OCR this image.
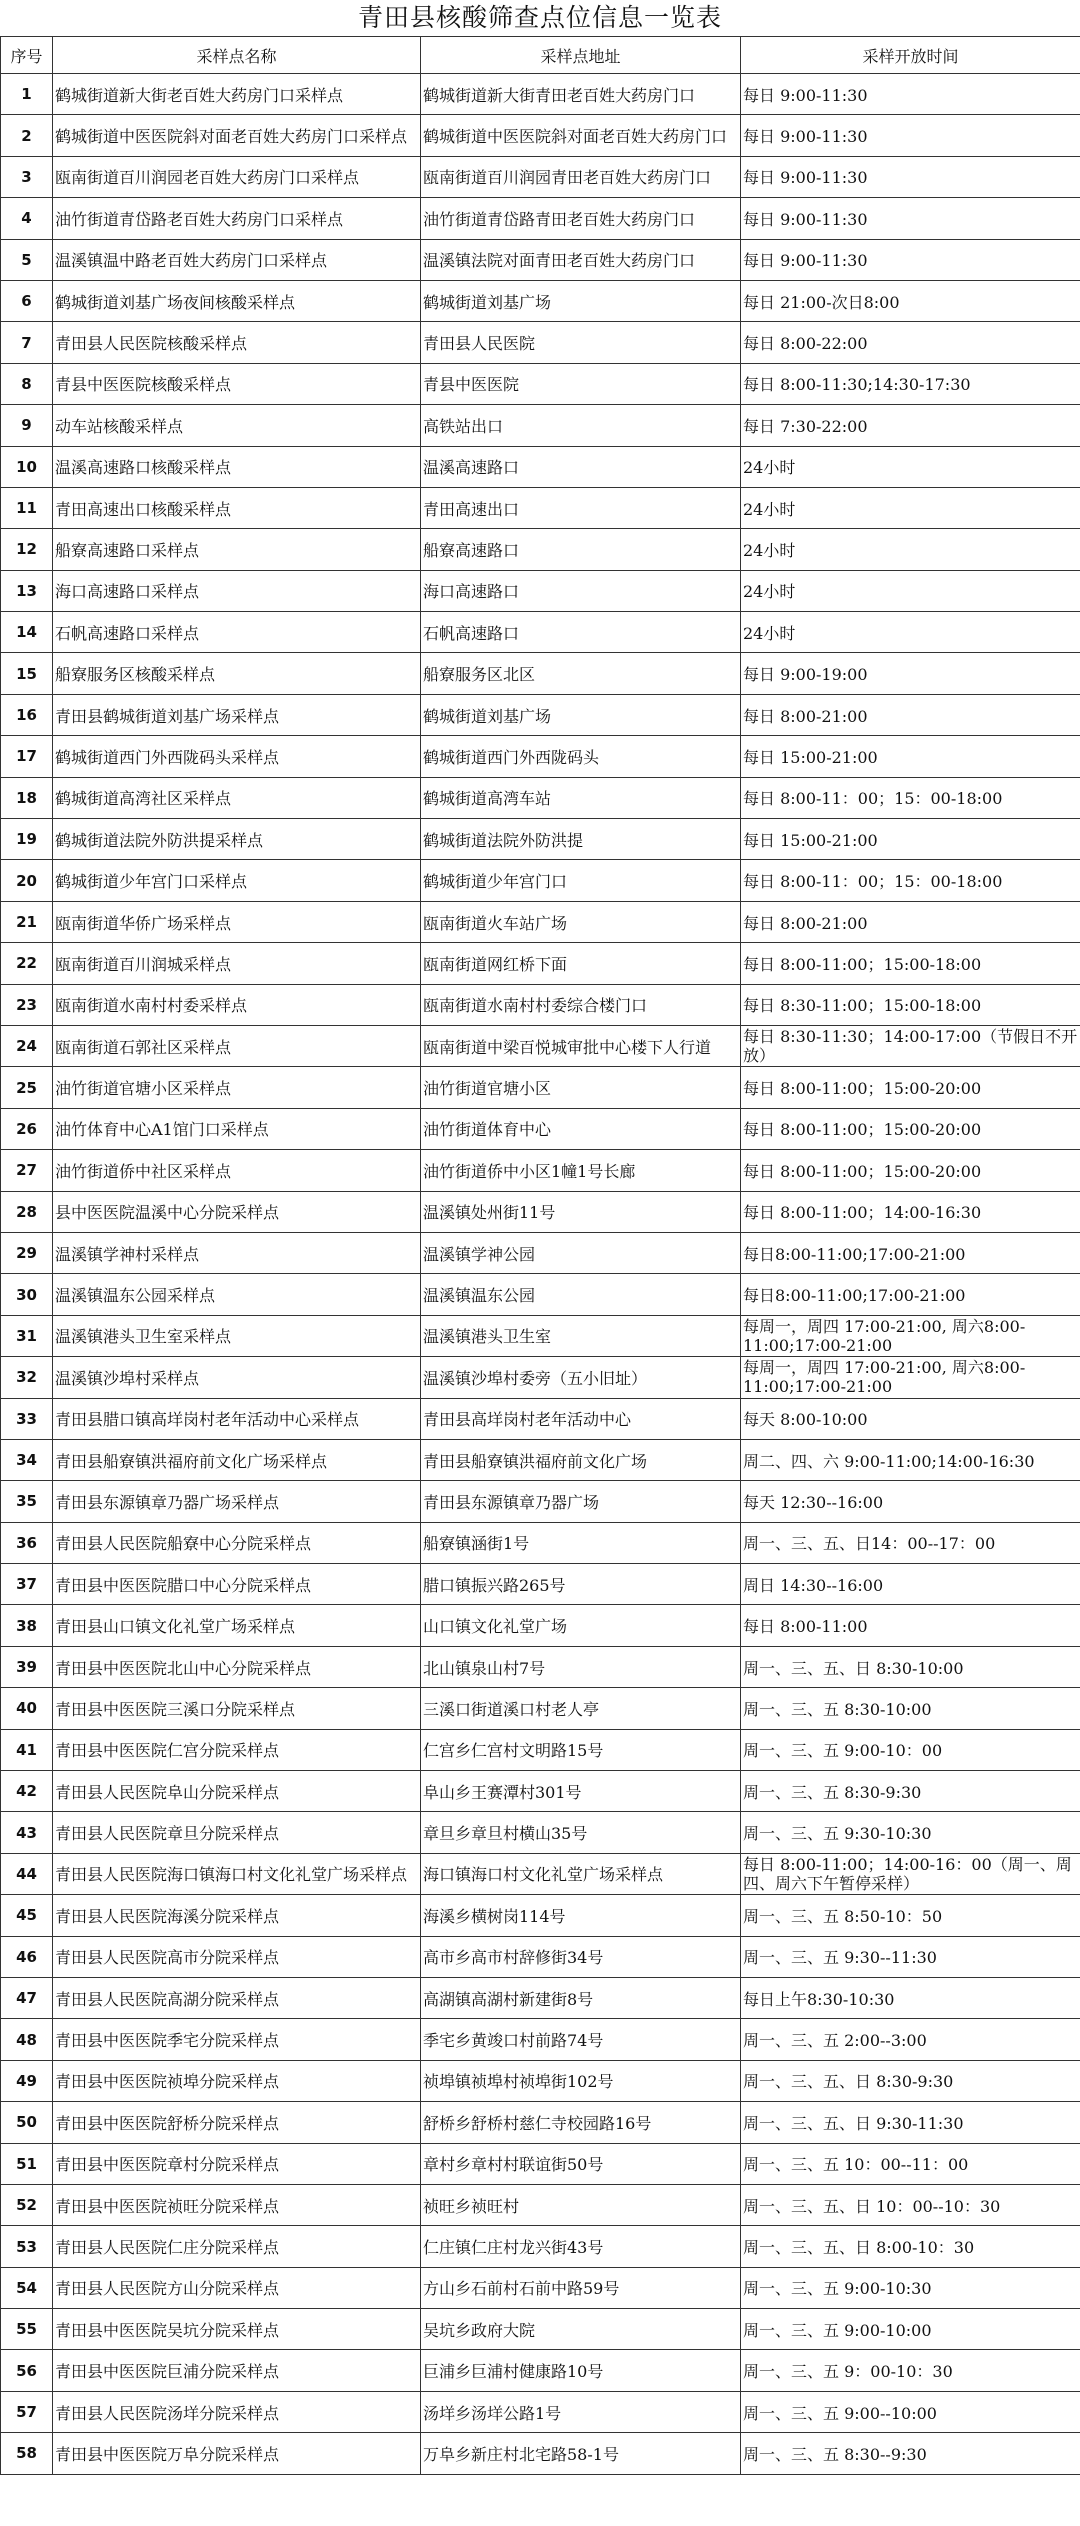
青田县核酸筛查点位信息一览表
序号	采样点名称	采样点地址	采样开放时间
1	鹤城街道新大街老百姓大药房门口采样点	鹤城街道新大街青田老百姓大药房门口	每日 9:00-11:30
2	鹤城街道中医医院斜对面老百姓大药房门口采样点	鹤城街道中医医院斜对面老百姓大药房门口	每日 9:00-11:30
3	瓯南街道百川润园老百姓大药房门口采样点	瓯南街道百川润园青田老百姓大药房门口	每日 9:00-11:30
4	油竹街道青岱路老百姓大药房门口采样点	油竹街道青岱路青田老百姓大药房门口	每日 9:00-11:30
5	温溪镇温中路老百姓大药房门口采样点	温溪镇法院对面青田老百姓大药房门口	每日 9:00-11:30
6	鹤城街道刘基广场夜间核酸采样点	鹤城街道刘基广场	每日 21:00-次日8:00
7	青田县人民医院核酸采样点	青田县人民医院	每日 8:00-22:00
8	青县中医医院核酸采样点	青县中医医院	每日 8:00-11:30;14:30-17:30
9	动车站核酸采样点	高铁站出口	每日 7:30-22:00
10	温溪高速路口核酸采样点	温溪高速路口	24小时
11	青田高速出口核酸采样点	青田高速出口	24小时
12	船寮高速路口采样点	船寮高速路口	24小时
13	海口高速路口采样点	海口高速路口	24小时
14	石帆高速路口采样点	石帆高速路口	24小时
15	船寮服务区核酸采样点	船寮服务区北区	每日 9:00-19:00
16	青田县鹤城街道刘基广场采样点	鹤城街道刘基广场	每日 8:00-21:00
17	鹤城街道西门外西陇码头采样点	鹤城街道西门外西陇码头	每日 15:00-21:00
18	鹤城街道高湾社区采样点	鹤城街道高湾车站	每日 8:00-11：00；15：00-18:00
19	鹤城街道法院外防洪提采样点	鹤城街道法院外防洪提	每日 15:00-21:00
20	鹤城街道少年宫门口采样点	鹤城街道少年宫门口	每日 8:00-11：00；15：00-18:00
21	瓯南街道华侨广场采样点	瓯南街道火车站广场	每日 8:00-21:00
22	瓯南街道百川润城采样点	瓯南街道网红桥下面	每日 8:00-11:00；15:00-18:00
23	瓯南街道水南村村委采样点	瓯南街道水南村村委综合楼门口	每日 8:30-11:00；15:00-18:00
24	瓯南街道石郭社区采样点	瓯南街道中梁百悦城审批中心楼下人行道	每日 8:30-11:30；14:00-17:00（节假日不开放）
25	油竹街道官塘小区采样点	油竹街道官塘小区	每日 8:00-11:00；15:00-20:00
26	油竹体育中心A1馆门口采样点	油竹街道体育中心	每日 8:00-11:00；15:00-20:00
27	油竹街道侨中社区采样点	油竹街道侨中小区1幢1号长廊	每日 8:00-11:00；15:00-20:00
28	县中医医院温溪中心分院采样点	温溪镇处州街11号	每日 8:00-11:00；14:00-16:30
29	温溪镇学神村采样点	温溪镇学神公园	每日8:00-11:00;17:00-21:00
30	温溪镇温东公园采样点	温溪镇温东公园	每日8:00-11:00;17:00-21:00
31	温溪镇港头卫生室采样点	温溪镇港头卫生室	每周一，周四 17:00-21:00, 周六8:00-11:00;17:00-21:00
32	温溪镇沙埠村采样点	温溪镇沙埠村委旁（五小旧址）	每周一，周四 17:00-21:00, 周六8:00-11:00;17:00-21:00
33	青田县腊口镇高垟岗村老年活动中心采样点	青田县高垟岗村老年活动中心	每天 8:00-10:00
34	青田县船寮镇洪福府前文化广场采样点	青田县船寮镇洪福府前文化广场	周二、四、六 9:00-11:00;14:00-16:30
35	青田县东源镇章乃器广场采样点	青田县东源镇章乃器广场	每天 12:30--16:00
36	青田县人民医院船寮中心分院采样点	船寮镇涵街1号	周一、三、五、日14：00--17：00
37	青田县中医医院腊口中心分院采样点	腊口镇振兴路265号	周日 14:30--16:00
38	青田县山口镇文化礼堂广场采样点	山口镇文化礼堂广场	每日 8:00-11:00
39	青田县中医医院北山中心分院采样点	北山镇泉山村7号	周一、三、五、日 8:30-10:00
40	青田县中医医院三溪口分院采样点	三溪口街道溪口村老人亭	周一、三、五 8:30-10:00
41	青田县中医医院仁宫分院采样点	仁宫乡仁宫村文明路15号	周一、三、五 9:00-10：00
42	青田县人民医院阜山分院采样点	阜山乡王赛潭村301号	周一、三、五 8:30-9:30
43	青田县人民医院章旦分院采样点	章旦乡章旦村横山35号	周一、三、五 9:30-10:30
44	青田县人民医院海口镇海口村文化礼堂广场采样点	海口镇海口村文化礼堂广场采样点	每日 8:00-11:00；14:00-16：00（周一、周四、周六下午暂停采样）
45	青田县人民医院海溪分院采样点	海溪乡横树岗114号	周一、三、五 8:50-10：50
46	青田县人民医院高市分院采样点	高市乡高市村辞修街34号	周一、三、五 9:30--11:30
47	青田县人民医院高湖分院采样点	高湖镇高湖村新建街8号	每日上午8:30-10:30
48	青田县中医医院季宅分院采样点	季宅乡黄竣口村前路74号	周一、三、五 2:00--3:00
49	青田县中医医院祯埠分院采样点	祯埠镇祯埠村祯埠街102号	周一、三、五、日 8:30-9:30
50	青田县中医医院舒桥分院采样点	舒桥乡舒桥村慈仁寺校园路16号	周一、三、五、日 9:30-11:30
51	青田县中医医院章村分院采样点	章村乡章村村联谊街50号	周一、三、五 10：00--11：00
52	青田县中医医院祯旺分院采样点	祯旺乡祯旺村	周一、三、五、日 10：00--10：30
53	青田县人民医院仁庄分院采样点	仁庄镇仁庄村龙兴街43号	周一、三、五、日 8:00-10：30
54	青田县人民医院方山分院采样点	方山乡石前村石前中路59号	周一、三、五 9:00-10:30
55	青田县中医医院吴坑分院采样点	吴坑乡政府大院	周一、三、五 9:00-10:00
56	青田县中医医院巨浦分院采样点	巨浦乡巨浦村健康路10号	周一、三、五 9：00-10：30
57	青田县人民医院汤垟分院采样点	汤垟乡汤垟公路1号	周一、三、五 9:00--10:00
58	青田县中医医院万阜分院采样点	万阜乡新庄村北宅路58-1号	周一、三、五 8:30--9:30
